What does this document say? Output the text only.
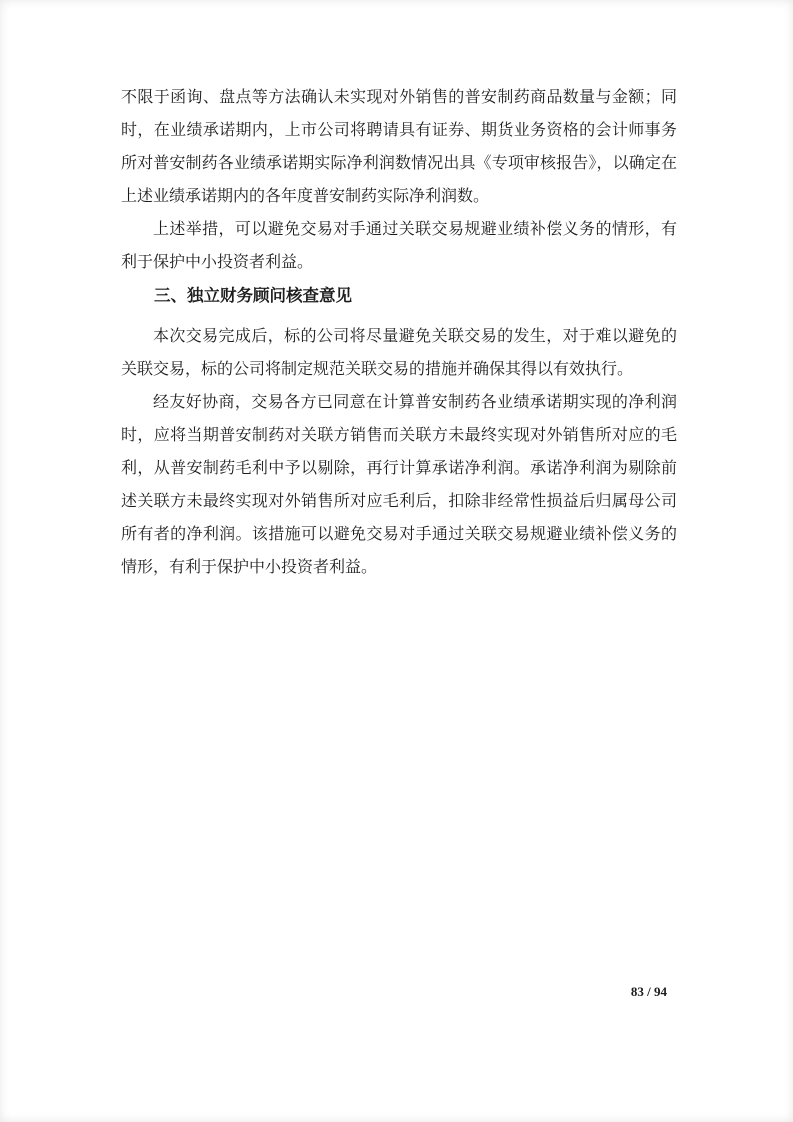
不限于函询、盘点等方法确认未实现对外销售的普安制药商品数量与金额；同时，在业绩承诺期内，上市公司将聘请具有证券、期货业务资格的会计师事务所对普安制药各业绩承诺期实际净利润数情况出具《专项审核报告》，以确定在上述业绩承诺期内的各年度普安制药实际净利润数。

上述举措，可以避免交易对手通过关联交易规避业绩补偿义务的情形，有利于保护中小投资者利益。

三、独立财务顾问核查意见

本次交易完成后，标的公司将尽量避免关联交易的发生，对于难以避免的关联交易，标的公司将制定规范关联交易的措施并确保其得以有效执行。

经友好协商，交易各方已同意在计算普安制药各业绩承诺期实现的净利润时，应将当期普安制药对关联方销售而关联方未最终实现对外销售所对应的毛利，从普安制药毛利中予以剔除，再行计算承诺净利润。承诺净利润为剔除前述关联方未最终实现对外销售所对应毛利后，扣除非经常性损益后归属母公司所有者的净利润。该措施可以避免交易对手通过关联交易规避业绩补偿义务的情形，有利于保护中小投资者利益。

83 / 94
